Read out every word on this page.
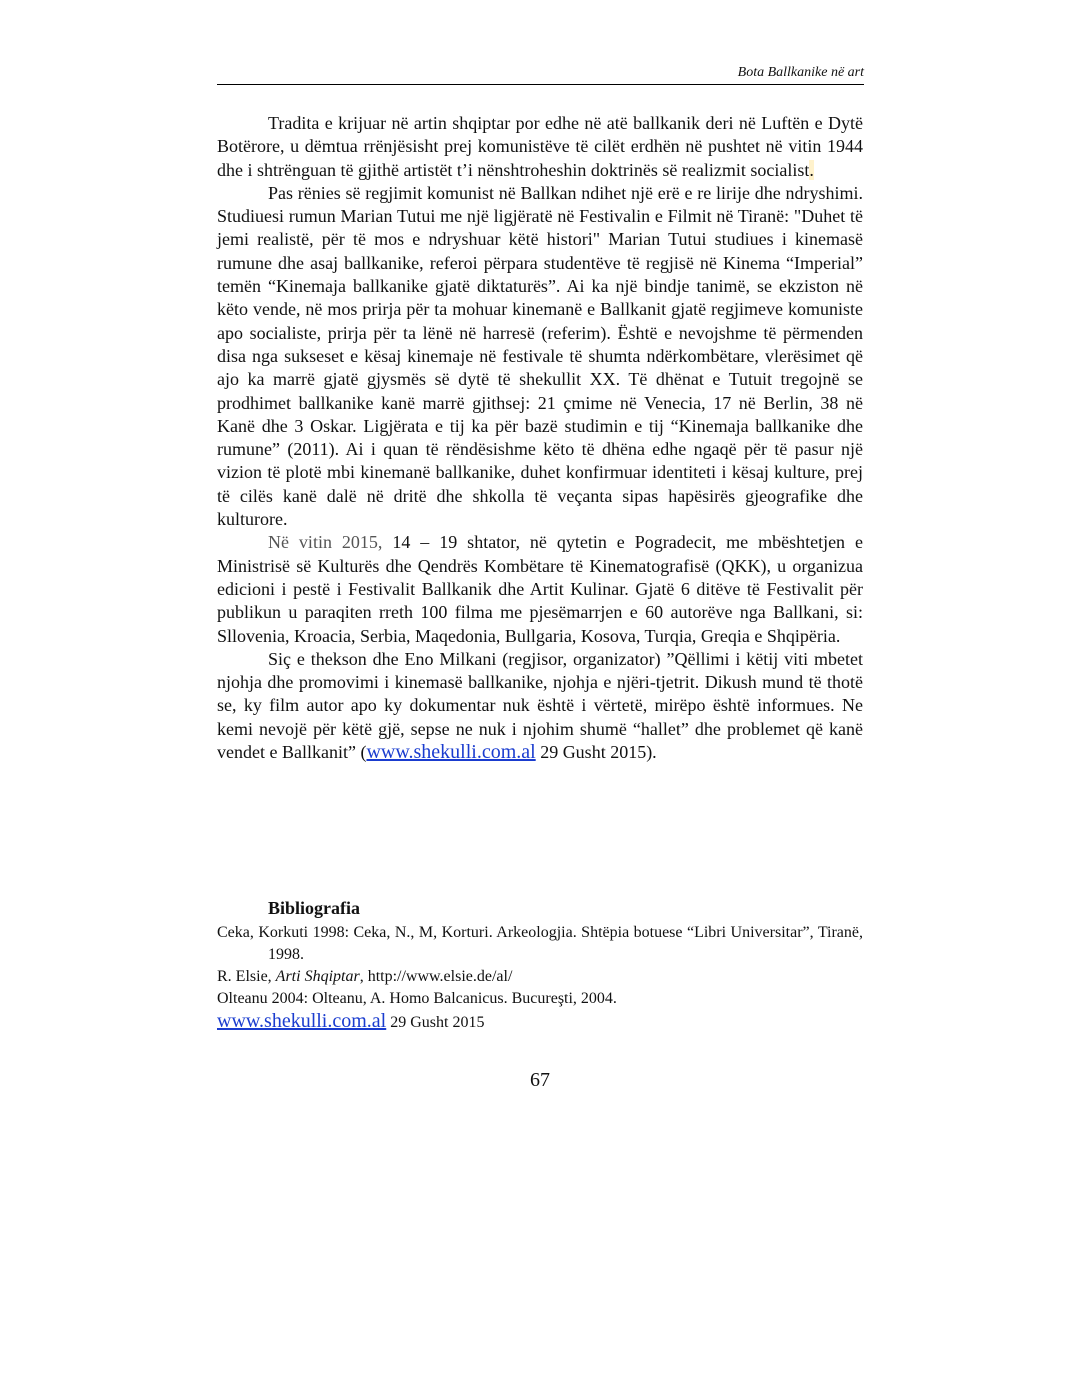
Bota Ballkanike në art

Tradita e krijuar në artin shqiptar por edhe në atë ballkanik deri në Luftën e Dytë Botërore, u dëmtua rrënjësisht prej komunistëve të cilët erdhën në pushtet në vitin 1944 dhe i shtrënguan të gjithë artistët t’i nënshtroheshin doktrinës së realizmit socialist.

Pas rënies së regjimit komunist në Ballkan ndihet një erë e re lirije dhe ndryshimi. Studiuesi rumun Marian Tutui me një ligjëratë në Festivalin e Filmit në Tiranë: "Duhet të jemi realistë, për të mos e ndryshuar këtë histori" Marian Tutui studiues i kinemasë rumune dhe asaj ballkanike, referoi përpara studentëve të regjisë në Kinema “Imperial” temën “Kinemaja ballkanike gjatë diktaturës”. Ai ka një bindje tanimë, se ekziston në këto vende, në mos prirja për ta mohuar kinemanë e Ballkanit gjatë regjimeve komuniste apo socialiste, prirja për ta lënë në harresë (referim). Është e nevojshme të përmenden disa nga sukseset e kësaj kinemaje në festivale të shumta ndërkombëtare, vlerësimet që ajo ka marrë gjatë gjysmës së dytë të shekullit XX. Të dhënat e Tutuit tregojnë se prodhimet ballkanike kanë marrë gjithsej: 21 çmime në Venecia, 17 në Berlin, 38 në Kanë dhe 3 Oskar. Ligjërata e tij ka për bazë studimin e tij “Kinemaja ballkanike dhe rumune” (2011). Ai i quan të rëndësishme këto të dhëna edhe ngaqë për të pasur një vizion të plotë mbi kinemanë ballkanike, duhet konfirmuar identiteti i kësaj kulture, prej të cilës kanë dalë në dritë dhe shkolla të veçanta sipas hapësirës gjeografike dhe kulturore.

Në vitin 2015, 14 – 19 shtator, në qytetin e Pogradecit, me mbështetjen e Ministrisë së Kulturës dhe Qendrës Kombëtare të Kinematografisë (QKK), u organizua edicioni i pestë i Festivalit Ballkanik dhe Artit Kulinar. Gjatë 6 ditëve të Festivalit për publikun u paraqiten rreth 100 filma me pjesëmarrjen e 60 autorëve nga Ballkani, si: Sllovenia, Kroacia, Serbia, Maqedonia, Bullgaria, Kosova, Turqia, Greqia e Shqipëria.

Siç e thekson dhe Eno Milkani (regjisor, organizator) ”Qëllimi i këtij viti mbetet njohja dhe promovimi i kinemasë ballkanike, njohja e njëri-tjetrit. Dikush mund të thotë se, ky film autor apo ky dokumentar nuk është i vërtetë, mirëpo është informues. Ne kemi nevojë për këtë gjë, sepse ne nuk i njohim shumë “hallet” dhe problemet që kanë vendet e Ballkanit” (www.shekulli.com.al 29 Gusht 2015).

Bibliografia

Ceka, Korkuti 1998: Ceka, N., M, Korturi. Arkeologjia. Shtëpia botuese “Libri Universitar”, Tiranë, 1998.

R. Elsie, Arti Shqiptar, http://www.elsie.de/al/

Olteanu 2004: Olteanu, A. Homo Balcanicus. Bucureşti, 2004.

www.shekulli.com.al 29 Gusht 2015

67
